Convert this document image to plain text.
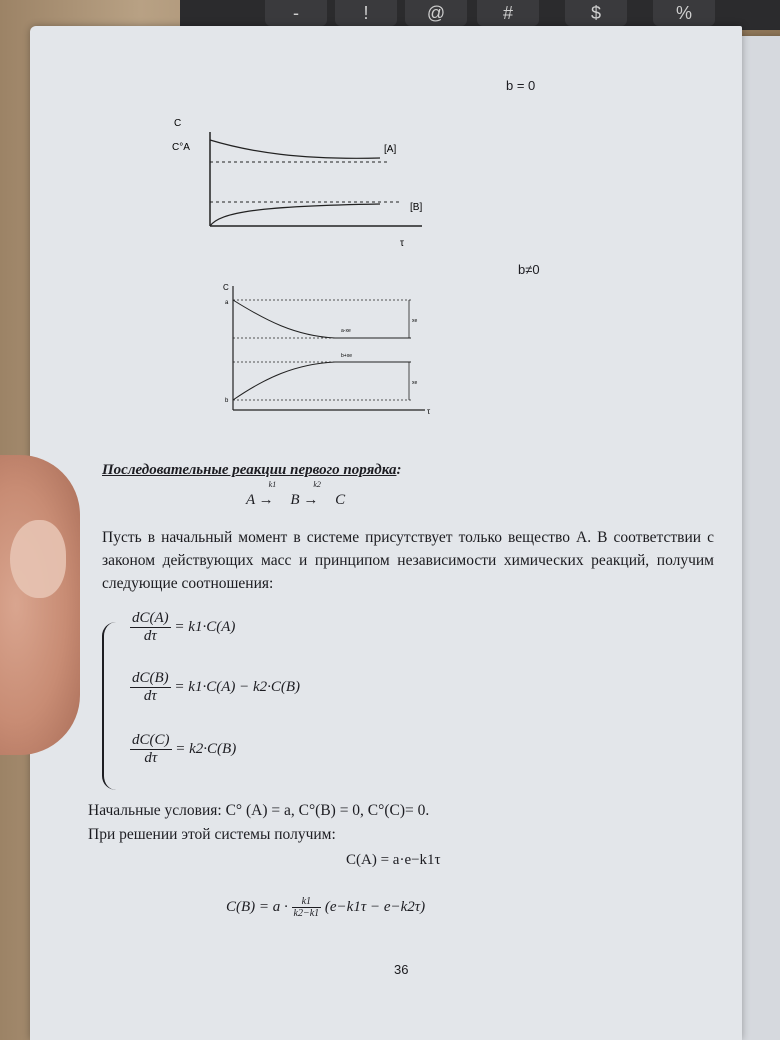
-	!	@	#	$	%
b = 0
C
C°A	[A]
[B]
τ
b≠0
C
a
b
a-xe
b+xe
xe
xe
τ
Последовательные реакции первого порядка:
A
k1
→ B
k2
→ C
Пусть в начальный момент в системе присутствует только вещество А. В соответствии с законом действующих масс и принципом независимости химических реакций, получим следующие соотношения:
$\frac{dC(A)}{d\tau} = k1\cdot C(A)$
$\frac{dC(B)}{d\tau} = k1\cdot C(A) - k2\cdot C(B)$
$\frac{dC(C)}{d\tau} = k2\cdot C(B)$
Начальные условия: C° (A) = a, C°(B) = 0, C°(C)= 0.
При решении этой системы получим:
C(A) = a·e−k1τ
$C(B) = a \cdot \frac{k1}{k2-k1} (e-k1\tau - e-k2\tau)$
36
